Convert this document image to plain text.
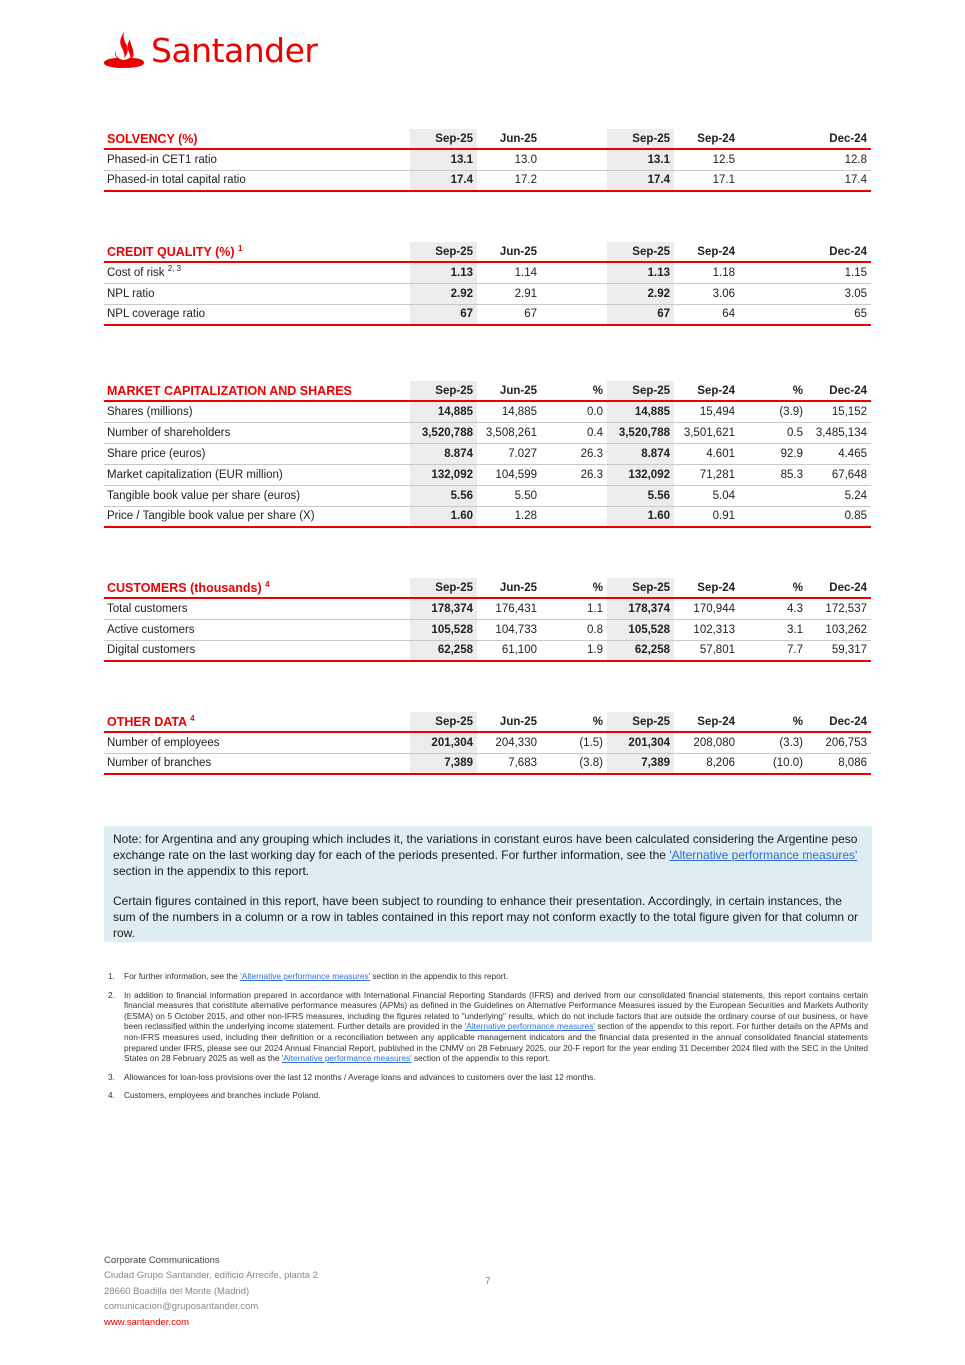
Santander
SOLVENCY (%)	Sep-25	Jun-25		Sep-25	Sep-24		Dec-24
Phased-in CET1 ratio	13.1	13.0		13.1	12.5		12.8
Phased-in total capital ratio	17.4	17.2		17.4	17.1		17.4
CREDIT QUALITY (%) $^1$	Sep-25	Jun-25		Sep-25	Sep-24		Dec-24
Cost of risk $^{2, 3}$	1.13	1.14		1.13	1.18		1.15
NPL ratio	2.92	2.91		2.92	3.06		3.05
NPL coverage ratio	67	67		67	64		65
MARKET CAPITALIZATION AND SHARES	Sep-25	Jun-25	%	Sep-25	Sep-24	%	Dec-24
Shares (millions)	14,885	14,885	0.0	14,885	15,494	(3.9)	15,152
Number of shareholders	3,520,788	3,508,261	0.4	3,520,788	3,501,621	0.5	3,485,134
Share price (euros)	8.874	7.027	26.3	8.874	4.601	92.9	4.465
Market capitalization (EUR million)	132,092	104,599	26.3	132,092	71,281	85.3	67,648
Tangible book value per share (euros)	5.56	5.50		5.56	5.04		5.24
Price / Tangible book value per share (X)	1.60	1.28		1.60	0.91		0.85
CUSTOMERS (thousands) $^4$	Sep-25	Jun-25	%	Sep-25	Sep-24	%	Dec-24
Total customers	178,374	176,431	1.1	178,374	170,944	4.3	172,537
Active customers	105,528	104,733	0.8	105,528	102,313	3.1	103,262
Digital customers	62,258	61,100	1.9	62,258	57,801	7.7	59,317
OTHER DATA $^4$	Sep-25	Jun-25	%	Sep-25	Sep-24	%	Dec-24
Number of employees	201,304	204,330	(1.5)	201,304	208,080	(3.3)	206,753
Number of branches	7,389	7,683	(3.8)	7,389	8,206	(10.0)	8,086

Note: for Argentina and any grouping which includes it, the variations in constant euros have been calculated considering the Argentine peso exchange rate on the last working day for each of the periods presented. For further information, see the 'Alternative performance measures' section in the appendix to this report.

Certain figures contained in this report, have been subject to rounding to enhance their presentation. Accordingly, in certain instances, the sum of the numbers in a column or a row in tables contained in this report may not conform exactly to the total figure given for that column or row.

1.	For further information, see the 'Alternative performance measures' section in the appendix to this report.
2.	In addition to financial information prepared in accordance with International Financial Reporting Standards (IFRS) and derived from our consolidated financial statements, this report contains certain financial measures that constitute alternative performance measures (APMs) as defined in the Guidelines on Alternative Performance Measures issued by the European Securities and Markets Authority (ESMA) on 5 October 2015, and other non-IFRS measures, including the figures related to "underlying" results, which do not include factors that are outside the ordinary course of our business, or have been reclassified within the underlying income statement. Further details are provided in the 'Alternative performance measures' section of the appendix to this report. For further details on the APMs and non-IFRS measures used, including their definition or a reconciliation between any applicable management indicators and the financial data presented in the annual consolidated financial statements prepared under IFRS, please see our 2024 Annual Financial Report, published in the CNMV on 28 February 2025, our 20-F report for the year ending 31 December 2024 filed with the SEC in the United States on 28 February 2025 as well as the 'Alternative performance measures' section of the appendix to this report.
3.	Allowances for loan-loss provisions over the last 12 months / Average loans and advances to customers over the last 12 months.
4.	Customers, employees and branches include Poland.
Corporate Communications
Ciudad Grupo Santander, edificio Arrecife, planta 2
28660 Boadilla del Monte (Madrid)
comunicacion@gruposantander.com
www.santander.com
7
